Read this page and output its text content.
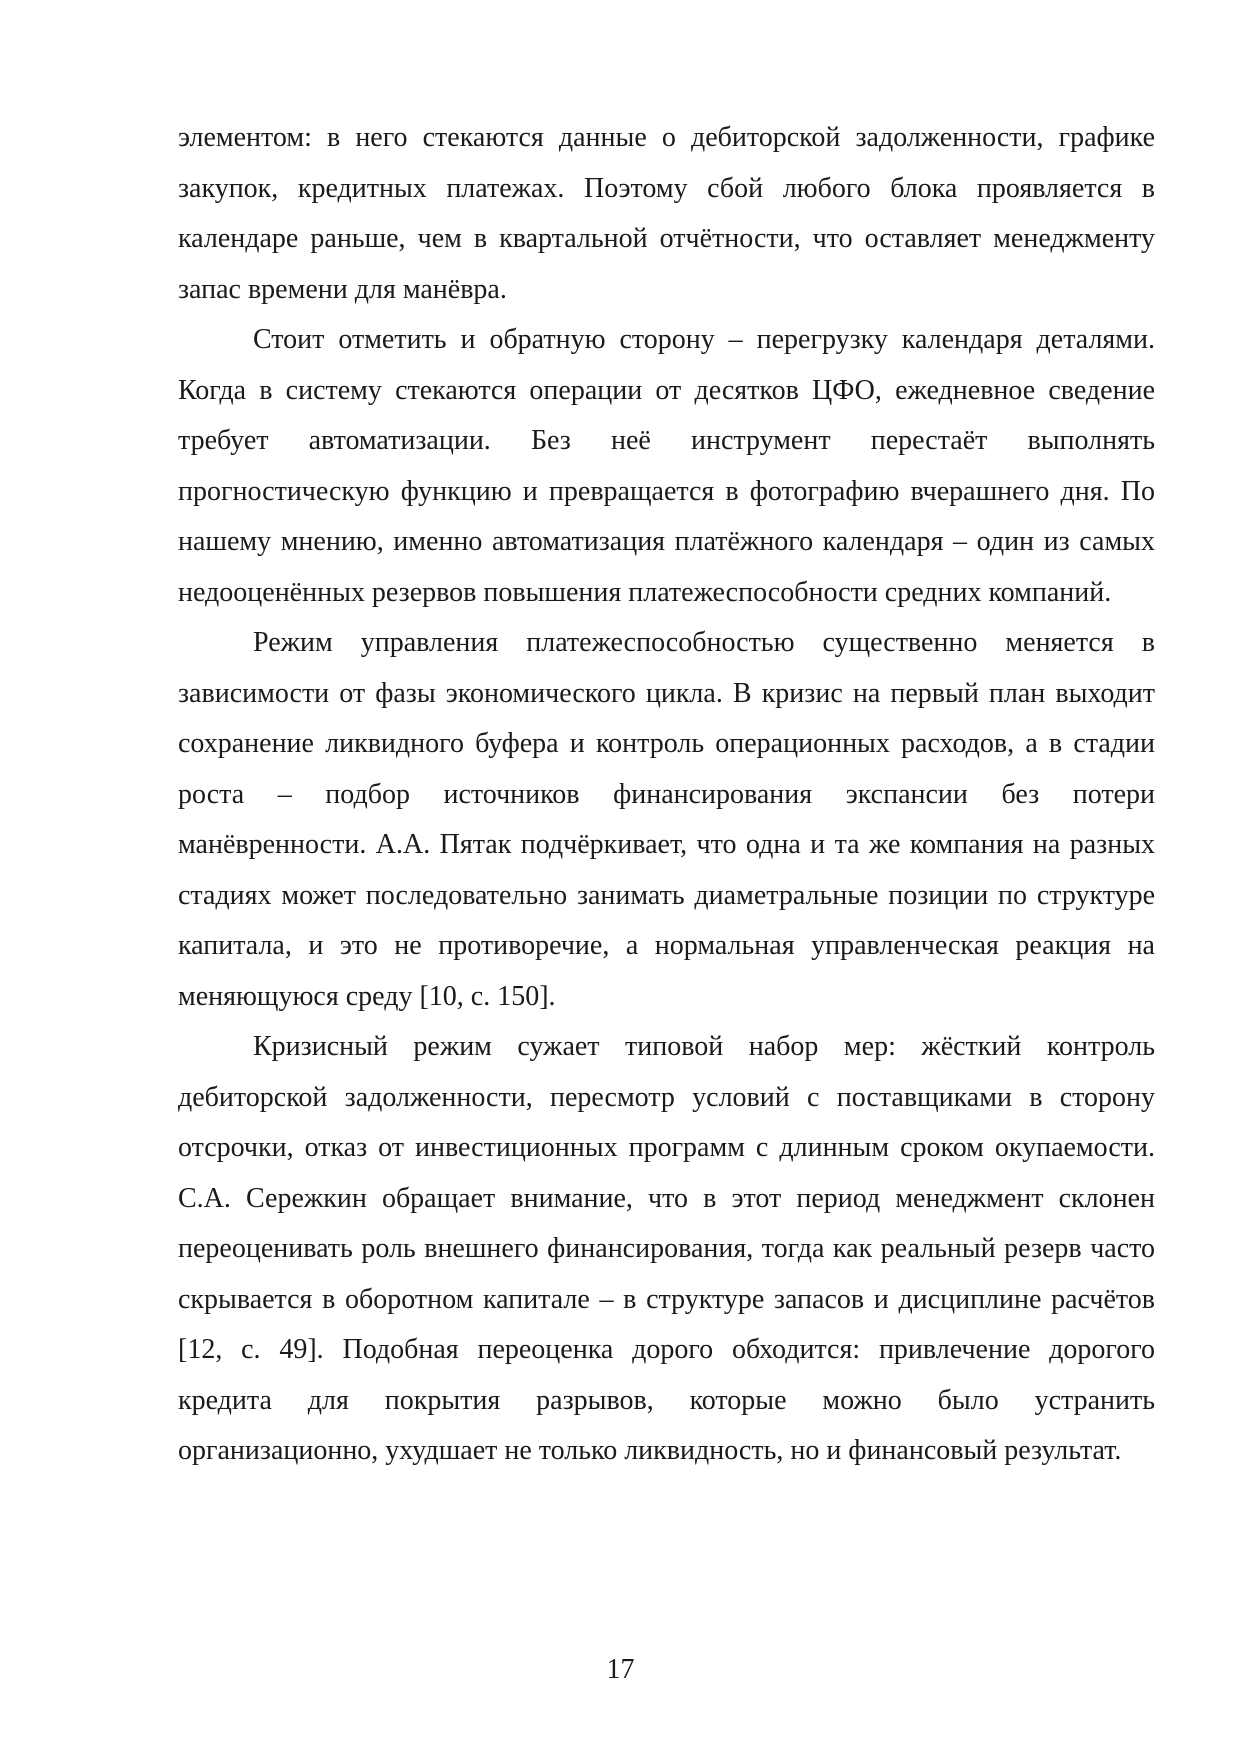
элементом: в него стекаются данные о дебиторской задолженности, графике закупок, кредитных платежах. Поэтому сбой любого блока проявляется в календаре раньше, чем в квартальной отчётности, что оставляет менеджменту запас времени для манёвра.

Стоит отметить и обратную сторону – перегрузку календаря деталями. Когда в систему стекаются операции от десятков ЦФО, ежедневное сведение требует автоматизации. Без неё инструмент перестаёт выполнять прогностическую функцию и превращается в фотографию вчерашнего дня. По нашему мнению, именно автоматизация платёжного календаря – один из самых недооценённых резервов повышения платежеспособности средних компаний.

Режим управления платежеспособностью существенно меняется в зависимости от фазы экономического цикла. В кризис на первый план выходит сохранение ликвидного буфера и контроль операционных расходов, а в стадии роста – подбор источников финансирования экспансии без потери манёвренности. А.А. Пятак подчёркивает, что одна и та же компания на разных стадиях может последовательно занимать диаметральные позиции по структуре капитала, и это не противоречие, а нормальная управленческая реакция на меняющуюся среду [10, с. 150].

Кризисный режим сужает типовой набор мер: жёсткий контроль дебиторской задолженности, пересмотр условий с поставщиками в сторону отсрочки, отказ от инвестиционных программ с длинным сроком окупаемости. С.А. Сережкин обращает внимание, что в этот период менеджмент склонен переоценивать роль внешнего финансирования, тогда как реальный резерв часто скрывается в оборотном капитале – в структуре запасов и дисциплине расчётов [12, с. 49]. Подобная переоценка дорого обходится: привлечение дорогого кредита для покрытия разрывов, которые можно было устранить организационно, ухудшает не только ликвидность, но и финансовый результат.

17
